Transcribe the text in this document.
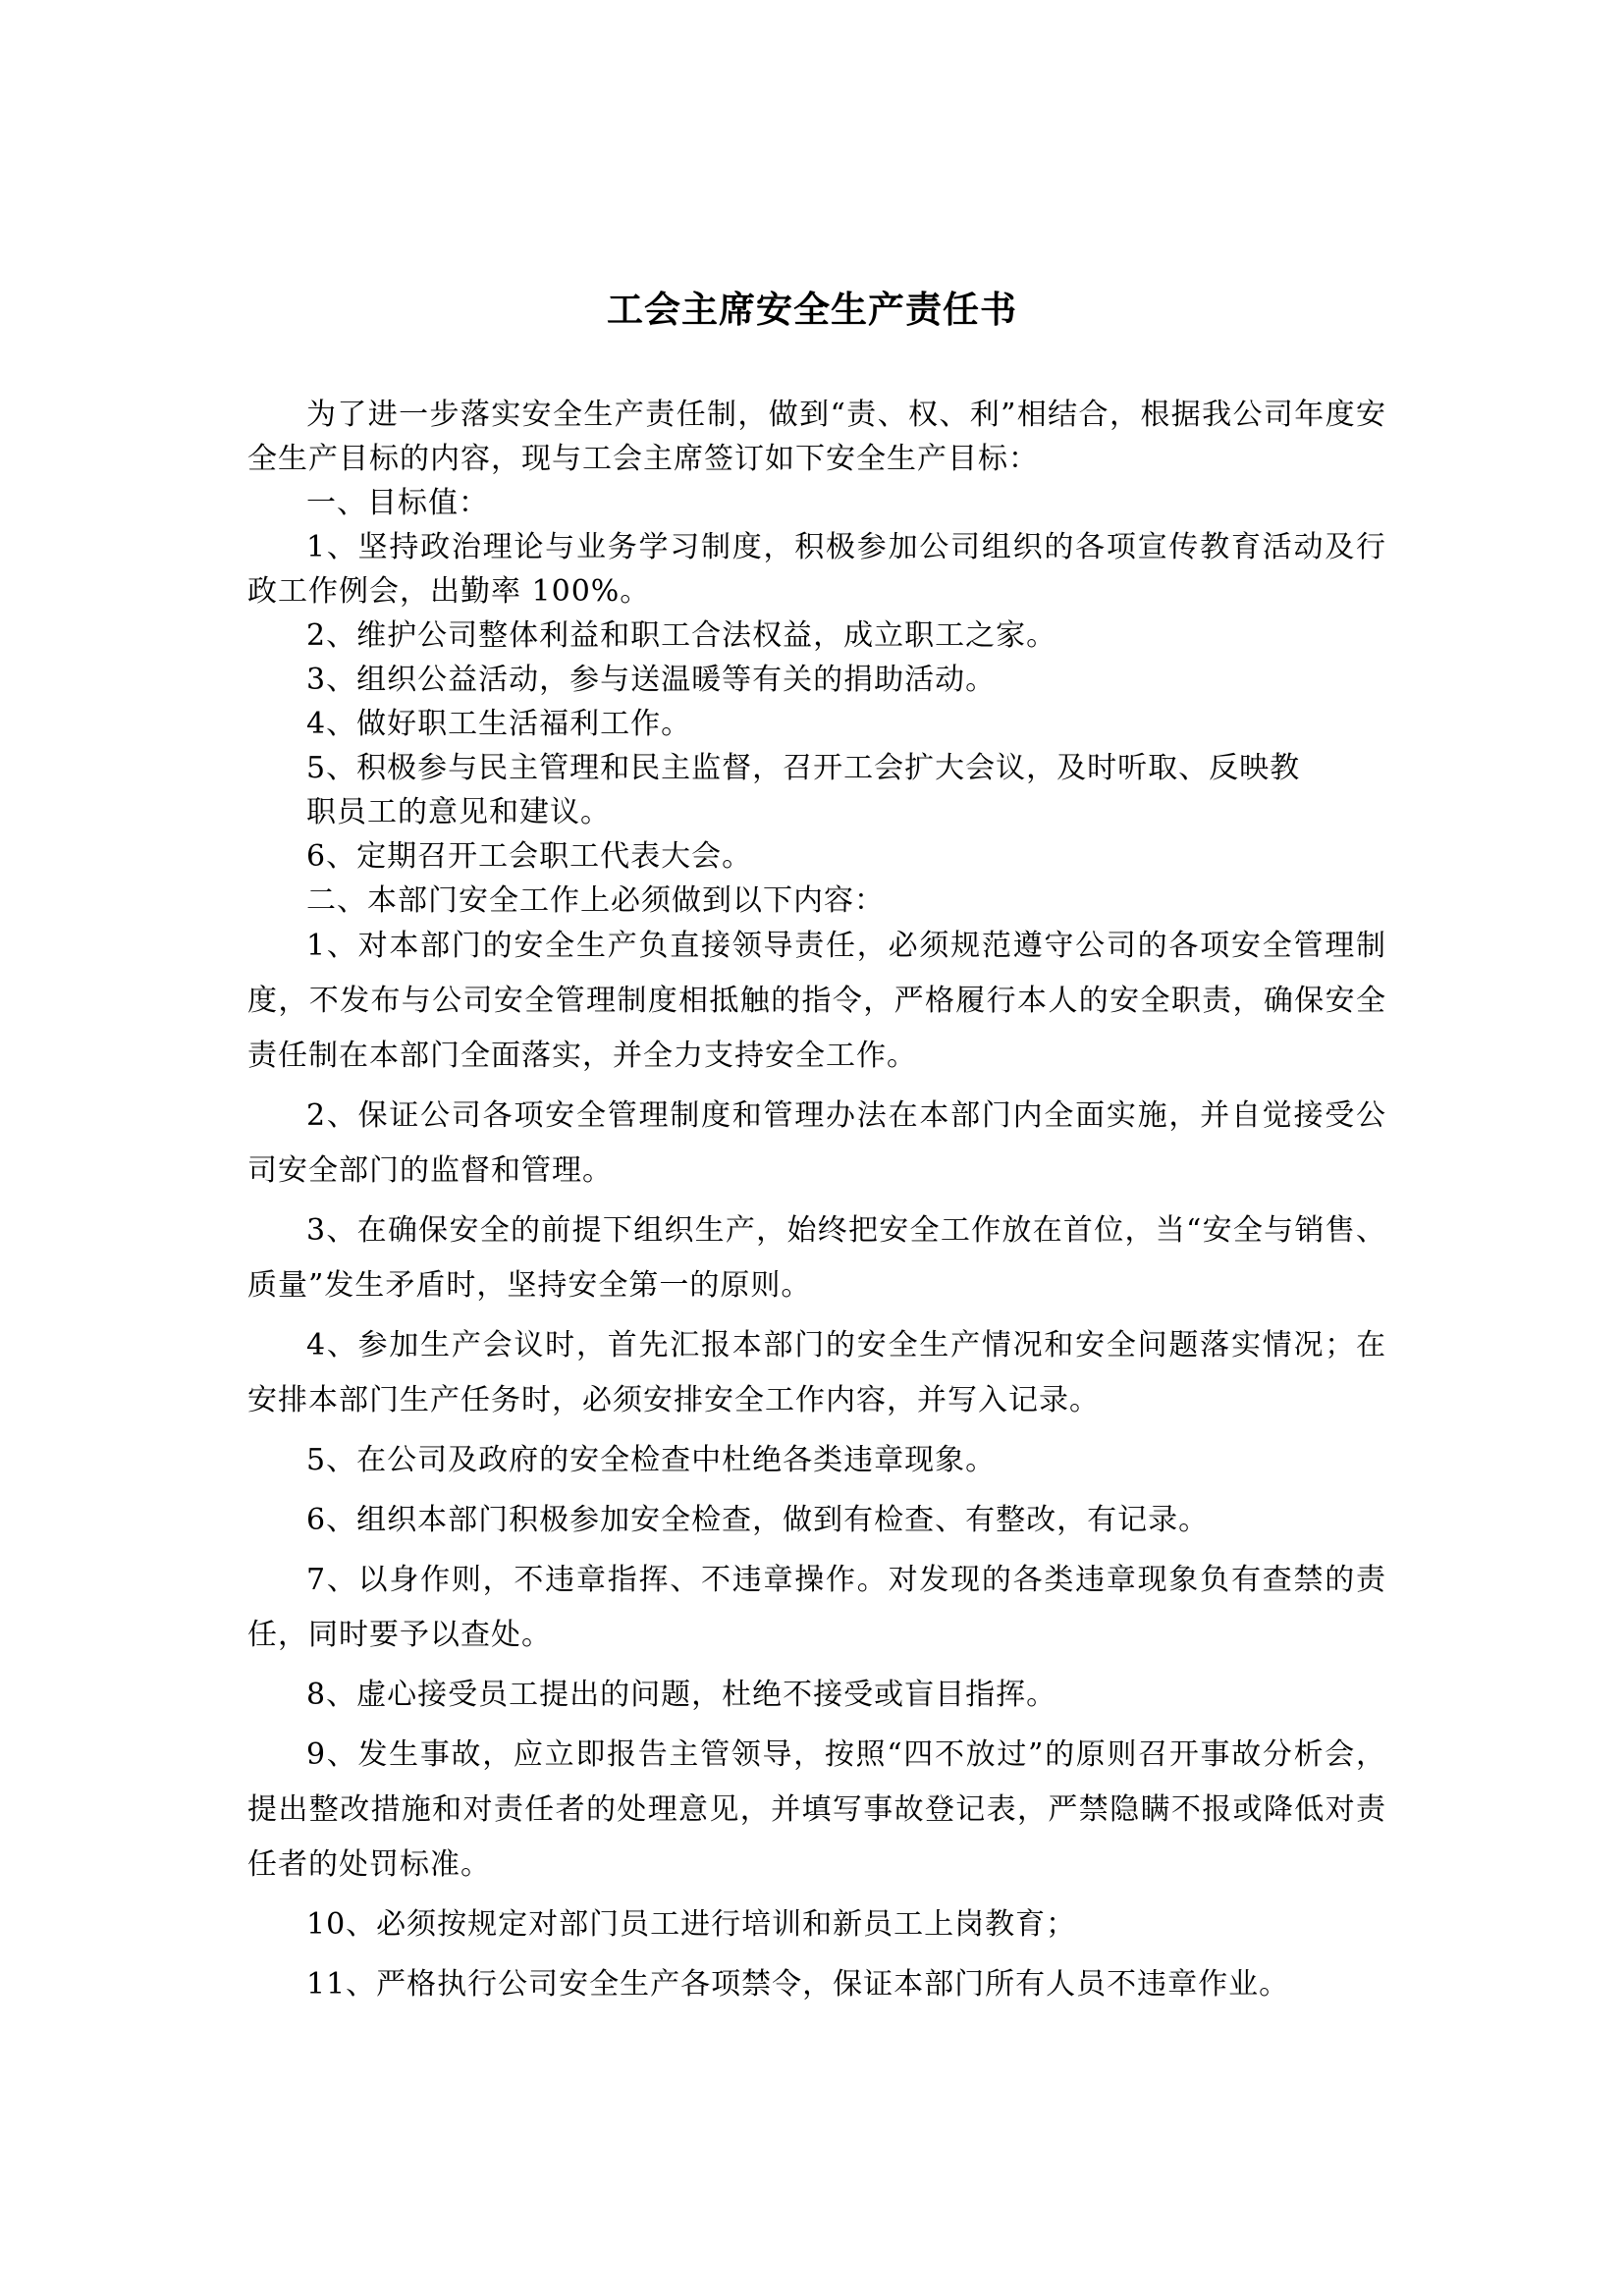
工会主席安全生产责任书

为了进一步落实安全生产责任制，做到“责、权、利”相结合，根据我公司年度安全生产目标的内容，现与工会主席签订如下安全生产目标：

一、目标值：

1、坚持政治理论与业务学习制度，积极参加公司组织的各项宣传教育活动及行政工作例会，出勤率 100%。

2、维护公司整体利益和职工合法权益，成立职工之家。

3、组织公益活动，参与送温暖等有关的捐助活动。

4、做好职工生活福利工作。

5、积极参与民主管理和民主监督，召开工会扩大会议，及时听取、反映教

职员工的意见和建议。

6、定期召开工会职工代表大会。

二、本部门安全工作上必须做到以下内容：

1、对本部门的安全生产负直接领导责任，必须规范遵守公司的各项安全管理制度，不发布与公司安全管理制度相抵触的指令，严格履行本人的安全职责，确保安全责任制在本部门全面落实，并全力支持安全工作。

2、保证公司各项安全管理制度和管理办法在本部门内全面实施，并自觉接受公司安全部门的监督和管理。

3、在确保安全的前提下组织生产，始终把安全工作放在首位，当“安全与销售、质量”发生矛盾时，坚持安全第一的原则。

4、参加生产会议时，首先汇报本部门的安全生产情况和安全问题落实情况；在安排本部门生产任务时，必须安排安全工作内容，并写入记录。

5、在公司及政府的安全检查中杜绝各类违章现象。

6、组织本部门积极参加安全检查，做到有检查、有整改，有记录。

7、以身作则，不违章指挥、不违章操作。对发现的各类违章现象负有查禁的责任，同时要予以查处。

8、虚心接受员工提出的问题，杜绝不接受或盲目指挥。

9、发生事故，应立即报告主管领导，按照“四不放过”的原则召开事故分析会，提出整改措施和对责任者的处理意见，并填写事故登记表，严禁隐瞒不报或降低对责任者的处罚标准。

10、必须按规定对部门员工进行培训和新员工上岗教育；

11、严格执行公司安全生产各项禁令，保证本部门所有人员不违章作业。
